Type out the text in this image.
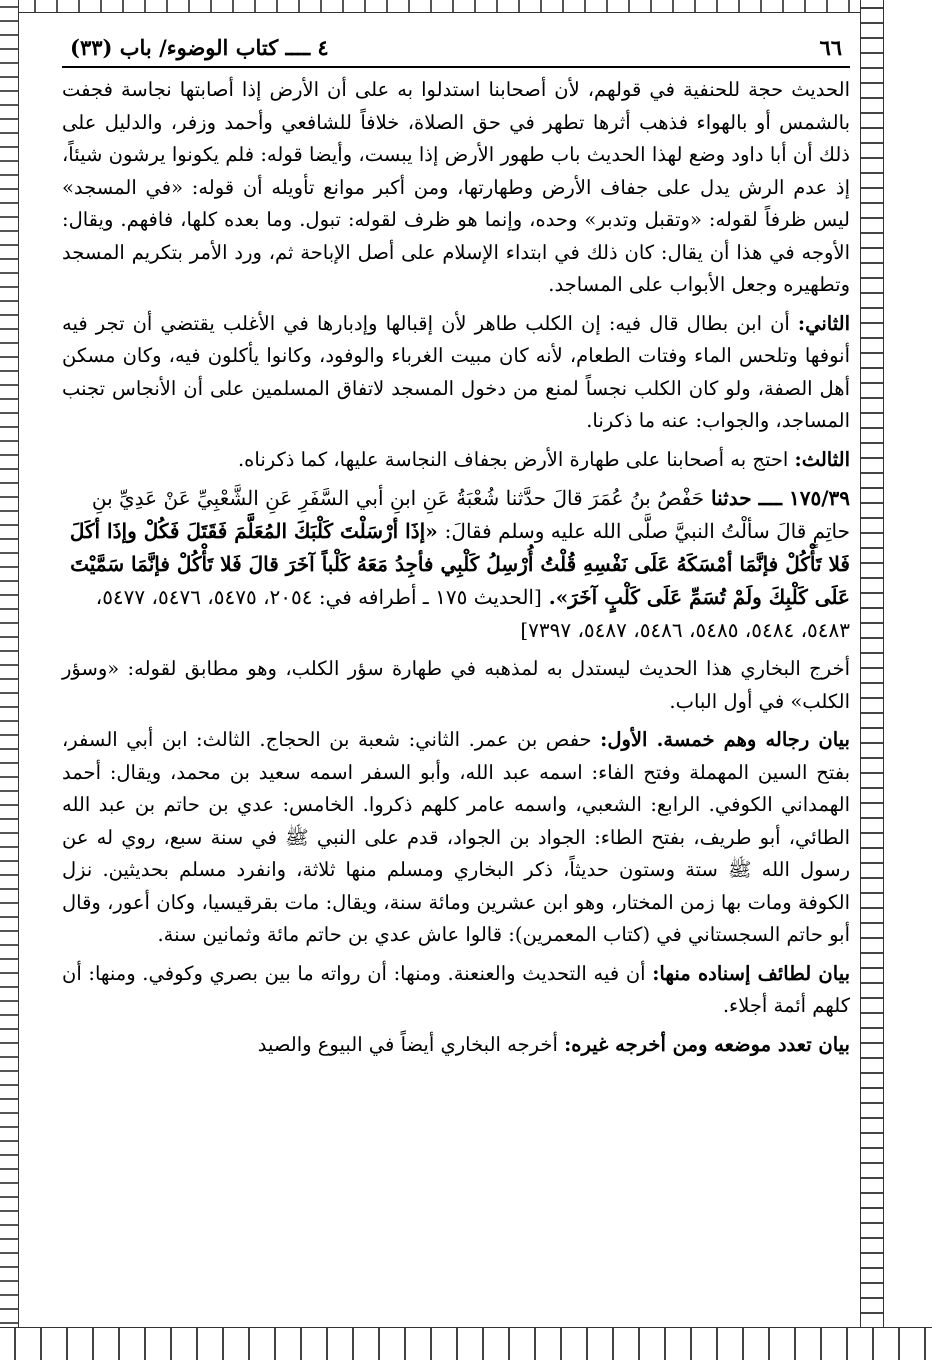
٦٦
٤ ــــ كتاب الوضوء/ باب (٣٣)

الحديث حجة للحنفية في قولهم، لأن أصحابنا استدلوا به على أن الأرض إذا أصابتها نجاسة فجفت بالشمس أو بالهواء فذهب أثرها تطهر في حق الصلاة، خلافاً للشافعي وأحمد وزفر، والدليل على ذلك أن أبا داود وضع لهذا الحديث باب طهور الأرض إذا يبست، وأيضا قوله: فلم يكونوا يرشون شيئاً، إذ عدم الرش يدل على جفاف الأرض وطهارتها، ومن أكبر موانع تأويله أن قوله: «في المسجد» ليس ظرفاً لقوله: «وتقبل وتدبر» وحده، وإنما هو ظرف لقوله: تبول. وما بعده كلها، فافهم. ويقال: الأوجه في هذا أن يقال: كان ذلك في ابتداء الإسلام على أصل الإباحة ثم، ورد الأمر بتكريم المسجد وتطهيره وجعل الأبواب على المساجد.

الثاني: أن ابن بطال قال فيه: إن الكلب طاهر لأن إقبالها وإدبارها في الأغلب يقتضي أن تجر فيه أنوفها وتلحس الماء وفتات الطعام، لأنه كان مبيت الغرباء والوفود، وكانوا يأكلون فيه، وكان مسكن أهل الصفة، ولو كان الكلب نجساً لمنع من دخول المسجد لاتفاق المسلمين على أن الأنجاس تجنب المساجد، والجواب: عنه ما ذكرنا.

الثالث: احتج به أصحابنا على طهارة الأرض بجفاف النجاسة عليها، كما ذكرناه.

١٧٥/٣٩ ــــ حدثنا حَفْصُ بنُ عُمَرَ قالَ حدَّثنا شُعْبَةُ عَنِ ابنِ أبي السَّفَرِ عَنِ الشَّعْبِيِّ عَنْ عَدِيِّ بنِ حاتِمٍ قالَ سألْتُ النبيَّ صلَّى الله عليه وسلم فقالَ: «إذَا أرْسَلْتَ كَلْبَكَ المُعَلَّمَ فَقَتَلَ فَكُلْ وإذَا أكَلَ فَلا تَأْكُلْ فإنَّمَا أمْسَكَهُ عَلَى نَفْسِهِ قُلْتُ أُرْسِلُ كَلْبِي فأجِدُ مَعَهُ كَلْباً آخَرَ قالَ فَلا تَأْكُلْ فإنَّمَا سَمَّيْتَ عَلَى كَلْبِكَ ولَمْ تُسَمِّ عَلَى كَلْبٍ آخَرَ». [الحديث ١٧٥ ـ أطرافه في: ٢٠٥٤، ٥٤٧٥، ٥٤٧٦، ٥٤٧٧، ٥٤٨٣، ٥٤٨٤، ٥٤٨٥، ٥٤٨٦، ٥٤٨٧، ٧٣٩٧]

أخرج البخاري هذا الحديث ليستدل به لمذهبه في طهارة سؤر الكلب، وهو مطابق لقوله: «وسؤر الكلب» في أول الباب.

بيان رجاله وهم خمسة. الأول: حفص بن عمر. الثاني: شعبة بن الحجاج. الثالث: ابن أبي السفر، بفتح السين المهملة وفتح الفاء: اسمه عبد الله، وأبو السفر اسمه سعيد بن محمد، ويقال: أحمد الهمداني الكوفي. الرابع: الشعبي، واسمه عامر كلهم ذكروا. الخامس: عدي بن حاتم بن عبد الله الطائي، أبو طريف، بفتح الطاء: الجواد بن الجواد، قدم على النبي ﷺ في سنة سبع، روي له عن رسول الله ﷺ ستة وستون حديثاً، ذكر البخاري ومسلم منها ثلاثة، وانفرد مسلم بحديثين. نزل الكوفة ومات بها زمن المختار، وهو ابن عشرين ومائة سنة، ويقال: مات بقرقيسيا، وكان أعور، وقال أبو حاتم السجستاني في (كتاب المعمرين): قالوا عاش عدي بن حاتم مائة وثمانين سنة.

بيان لطائف إسناده منها: أن فيه التحديث والعنعنة. ومنها: أن رواته ما بين بصري وكوفي. ومنها: أن كلهم أئمة أجلاء.

بيان تعدد موضعه ومن أخرجه غيره: أخرجه البخاري أيضاً في البيوع والصيد
